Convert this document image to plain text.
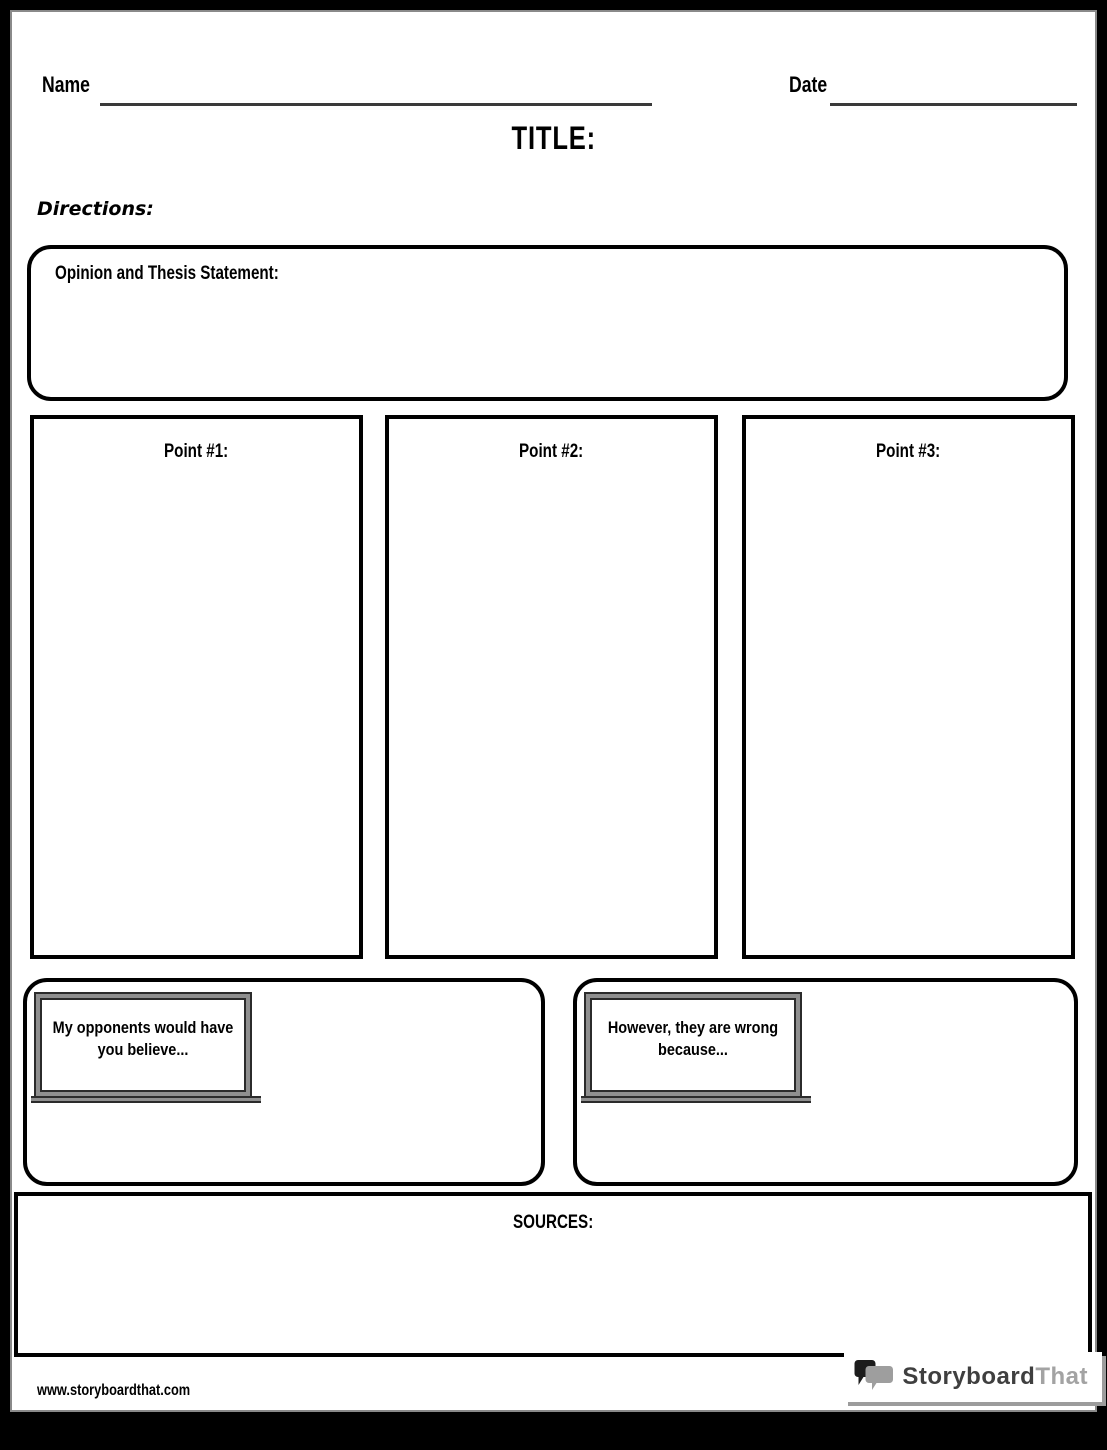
Name	Date
TITLE:
Directions:
Opinion and Thesis Statement:
Point #1:	Point #2:	Point #3:
My opponents would have you believe...
However, they are wrong because...
SOURCES:
www.storyboardthat.com
StoryboardThat
